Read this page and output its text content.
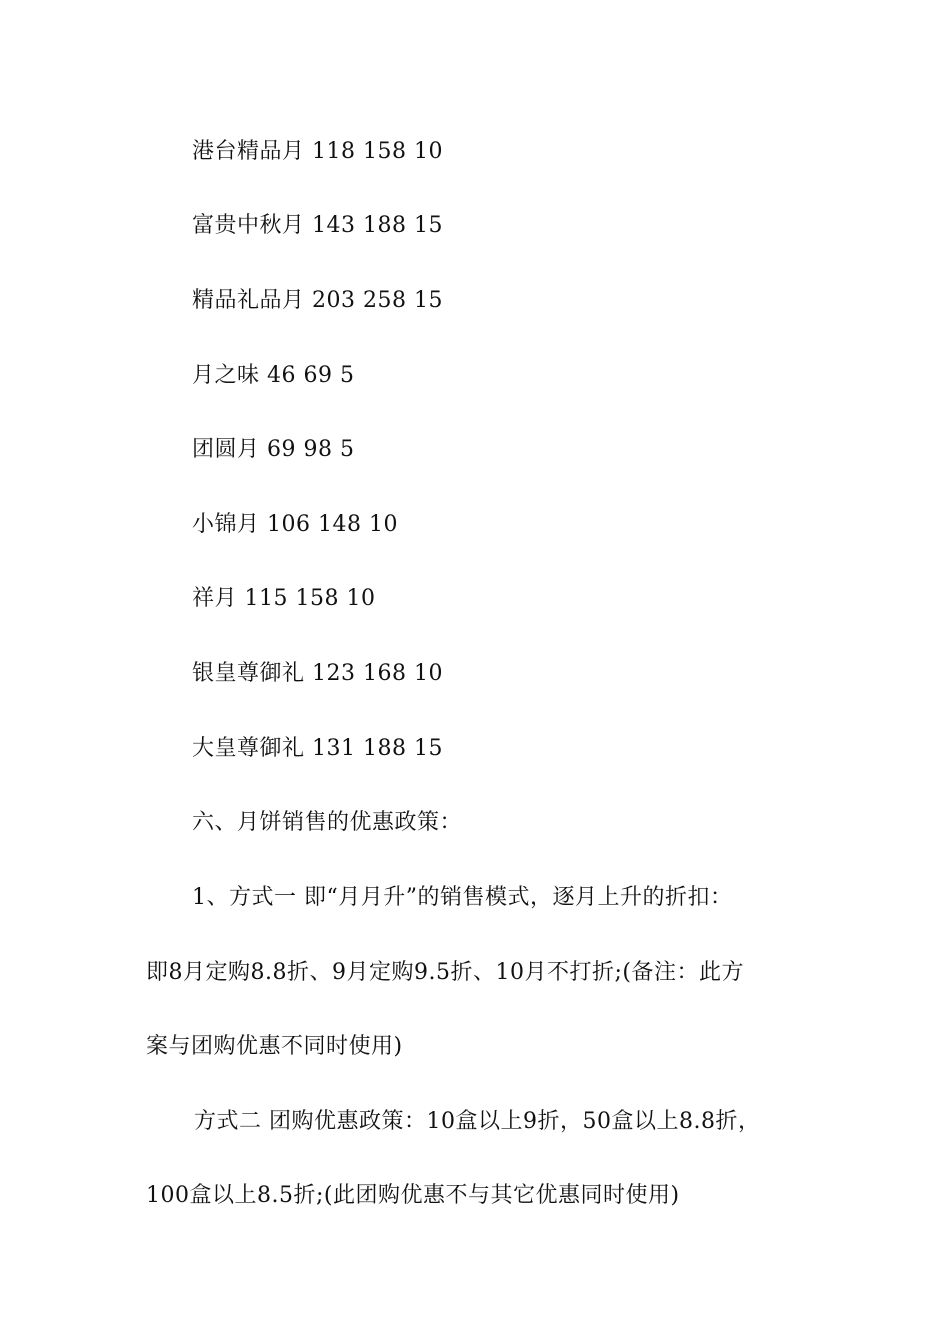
港台精品月 118 158 10
富贵中秋月 143 188 15
精品礼品月 203 258 15
月之味 46 69 5
团圆月 69 98 5
小锦月 106 148 10
祥月 115 158 10
银皇尊御礼 123 168 10
大皇尊御礼 131 188 15
六、月饼销售的优惠政策：
1、方式一 即“月月升”的销售模式，逐月上升的折扣：
即8月定购8.8折、9月定购9.5折、10月不打折;(备注：此方
案与团购优惠不同时使用)
方式二 团购优惠政策：10盒以上9折，50盒以上8.8折，
100盒以上8.5折;(此团购优惠不与其它优惠同时使用)
